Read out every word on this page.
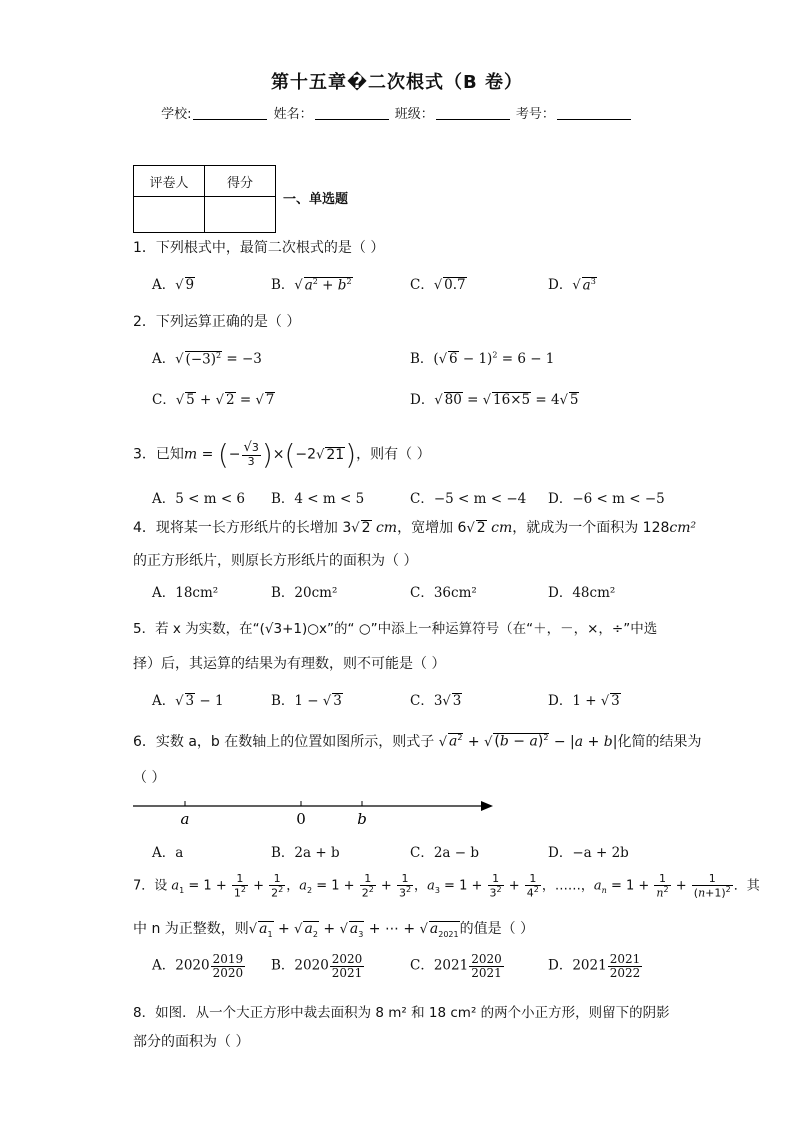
第十五章�二次根式（B 卷）
学校:	姓名：	班级：	考号：
评卷人	得分

一、单选题
1．下列根式中，最简二次根式的是（ ）
A．√ 9	B．√ $a^2 + b^2$	C．√ 0.7	D．√ $a^3$
2．下列运算正确的是（ ）
A．√ $(-3)^2 = -3$	B．(√ 6 − 1)$^2$ = 6 − 1
C．√ 5 + √ 2 = √ 7	D．√ 80 = √ 16×5 = 4√ 5
3．已知m = (− $\frac{√3}{3} )\times(-2√$ 21)，则有（ ）
A．5 < m < 6 B．4 < m < 5	C．−5 < m < −4 D．−6 < m < −5
4．现将某一长方形纸片的长增加 3√ 2 cm，宽增加 6√ 2 cm，就成为一个面积为 128cm²
的正方形纸片，则原长方形纸片的面积为（ ）
A．18cm²	B．20cm²	C．36cm²	D．48cm²
5．若 x 为实数，在“(√3+1)○x”的“ ○”中添上一种运算符号（在“＋，－，×，÷”中选
择）后，其运算的结果为有理数，则不可能是（ ）
A．√ 3 − 1	B．1 − √ 3	C．3√ 3	D．1 + √ 3
6．实数 a，b 在数轴上的位置如图所示，则式子 √ $a^2$ + √ $(b - a)^2 - |a + b|$化简的结果为
（ ）
a	0	b
A．a	B．2a + b	C．2a − b	D．−a + 2b
7．设 $a_1 = 1 + \frac{1}{1^2} + \frac{1}{2^2}$ ，$a_2 = 1 + \frac{1}{2^2} + \frac{1}{3^2}$ ，$a_3 = 1 + \frac{1}{3^2} + \frac{1}{4^2}$ ，……，$a_n = 1 + \frac{1}{n^2} + \frac{1}{(n+1)^2}$ ．其
中 n 为正整数，则√ $a_1$ + √ $a_2$ + √ $a_3$ + ⋯ + √ $a_{2021}$的值是（ ）
A．$2020 \frac{2019}{2020}$ B．$2020 \frac{2020}{2021}$	C．$2021 \frac{2020}{2021}$	D．$2021 \frac{2021}{2022}$
8．如图．从一个大正方形中裁去面积为 8 m² 和 18 cm² 的两个小正方形，则留下的阴影
部分的面积为（ ）
